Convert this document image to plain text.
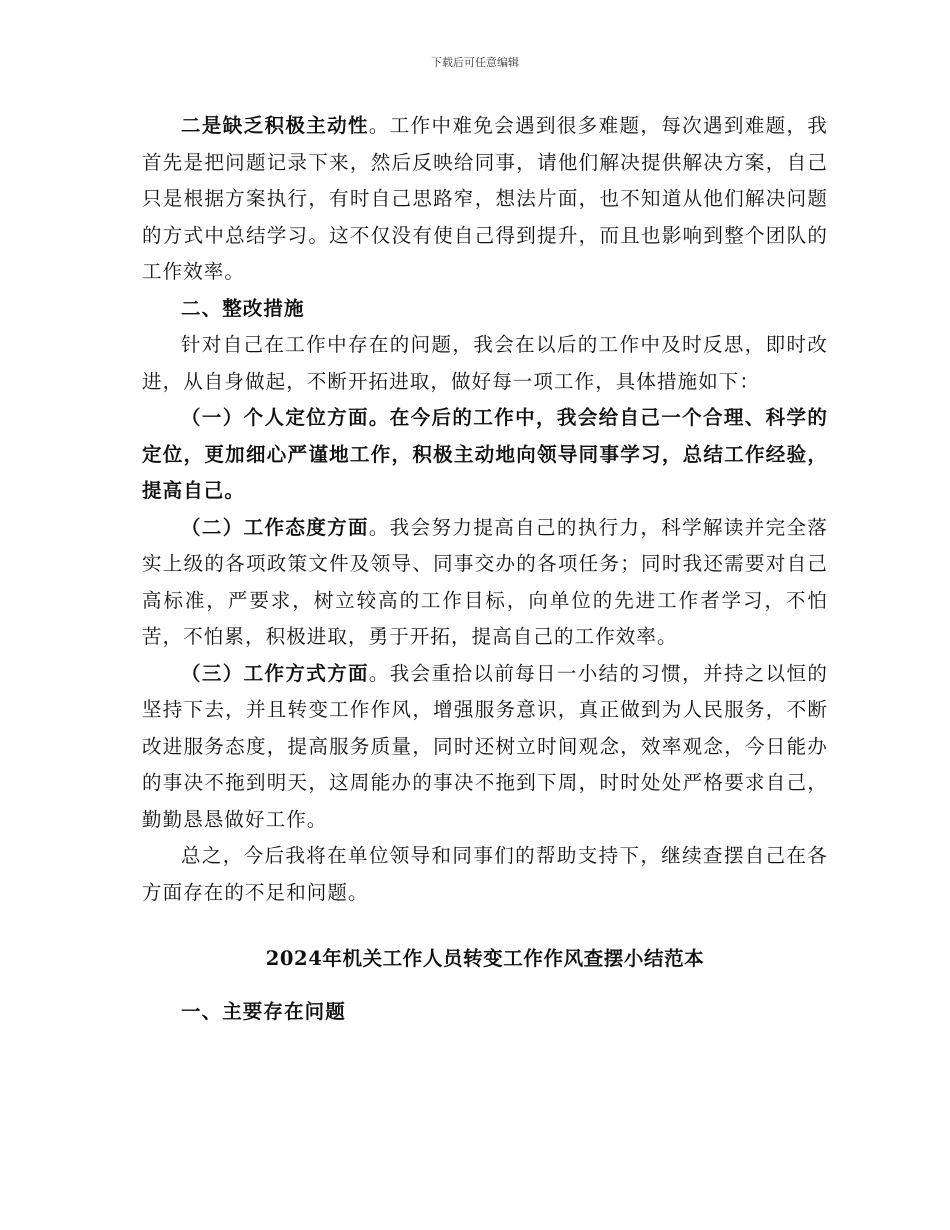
下载后可任意编辑

二是缺乏积极主动性。工作中难免会遇到很多难题，每次遇到难题，我首先是把问题记录下来，然后反映给同事，请他们解决提供解决方案，自己只是根据方案执行，有时自己思路窄，想法片面，也不知道从他们解决问题的方式中总结学习。这不仅没有使自己得到提升，而且也影响到整个团队的工作效率。

二、整改措施

针对自己在工作中存在的问题，我会在以后的工作中及时反思，即时改进，从自身做起，不断开拓进取，做好每一项工作，具体措施如下：

（一）个人定位方面。在今后的工作中，我会给自己一个合理、科学的定位，更加细心严谨地工作，积极主动地向领导同事学习，总结工作经验，提高自己。

（二）工作态度方面。我会努力提高自己的执行力，科学解读并完全落实上级的各项政策文件及领导、同事交办的各项任务；同时我还需要对自己高标准，严要求，树立较高的工作目标，向单位的先进工作者学习，不怕苦，不怕累，积极进取，勇于开拓，提高自己的工作效率。

（三）工作方式方面。我会重拾以前每日一小结的习惯，并持之以恒的坚持下去，并且转变工作作风，增强服务意识，真正做到为人民服务，不断改进服务态度，提高服务质量，同时还树立时间观念，效率观念，今日能办的事决不拖到明天，这周能办的事决不拖到下周，时时处处严格要求自己，勤勤恳恳做好工作。

总之，今后我将在单位领导和同事们的帮助支持下，继续查摆自己在各方面存在的不足和问题。

2024年机关工作人员转变工作作风查摆小结范本

一、主要存在问题
